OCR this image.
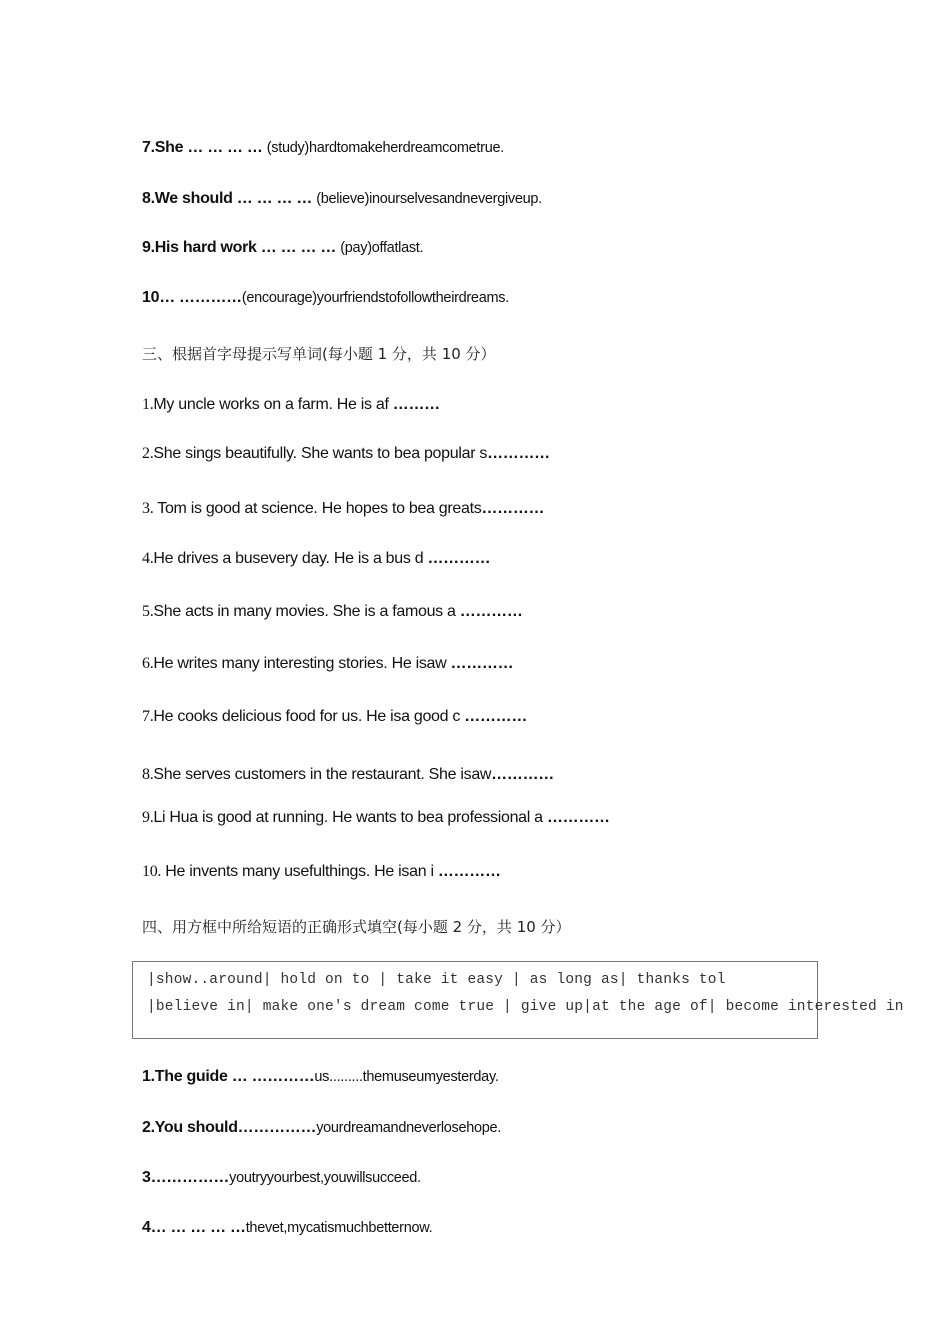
7.She … … … … (study)hardtomakeherdreamcometrue.
8.We should … … … … (believe)inourselvesandnevergiveup.
9.His hard work … … … … (pay)offatlast.
10… …………(encourage)yourfriendstofollowtheirdreams.
三、根据首字母提示写单词(每小题 1 分，共 10 分）
1.My uncle works on a farm. He is af ………
2.She sings beautifully. She wants to bea popular s…………
3. Tom is good at science. He hopes to bea greats…………
4.He drives a busevery day. He is a bus d …………
5.She acts in many movies. She is a famous a …………
6.He writes many interesting stories. He isaw …………
7.He cooks delicious food for us. He isa good c …………
8.She serves customers in the restaurant. She isaw…………
9.Li Hua is good at running. He wants to bea professional a …………
10. He invents many usefulthings. He isan i …………
四、用方框中所给短语的正确形式填空(每小题 2 分，共 10 分）
|show..around| hold on to | take it easy | as long as| thanks tol
|believe in| make one's dream come true | give up|at the age of| become interested in
1.The guide … …………us.........themuseumyesterday.
2.You should……………yourdreamandneverlosehope.
3……………youtryyourbest,youwillsucceed.
4… … … … …thevet,mycatismuchbetternow.
